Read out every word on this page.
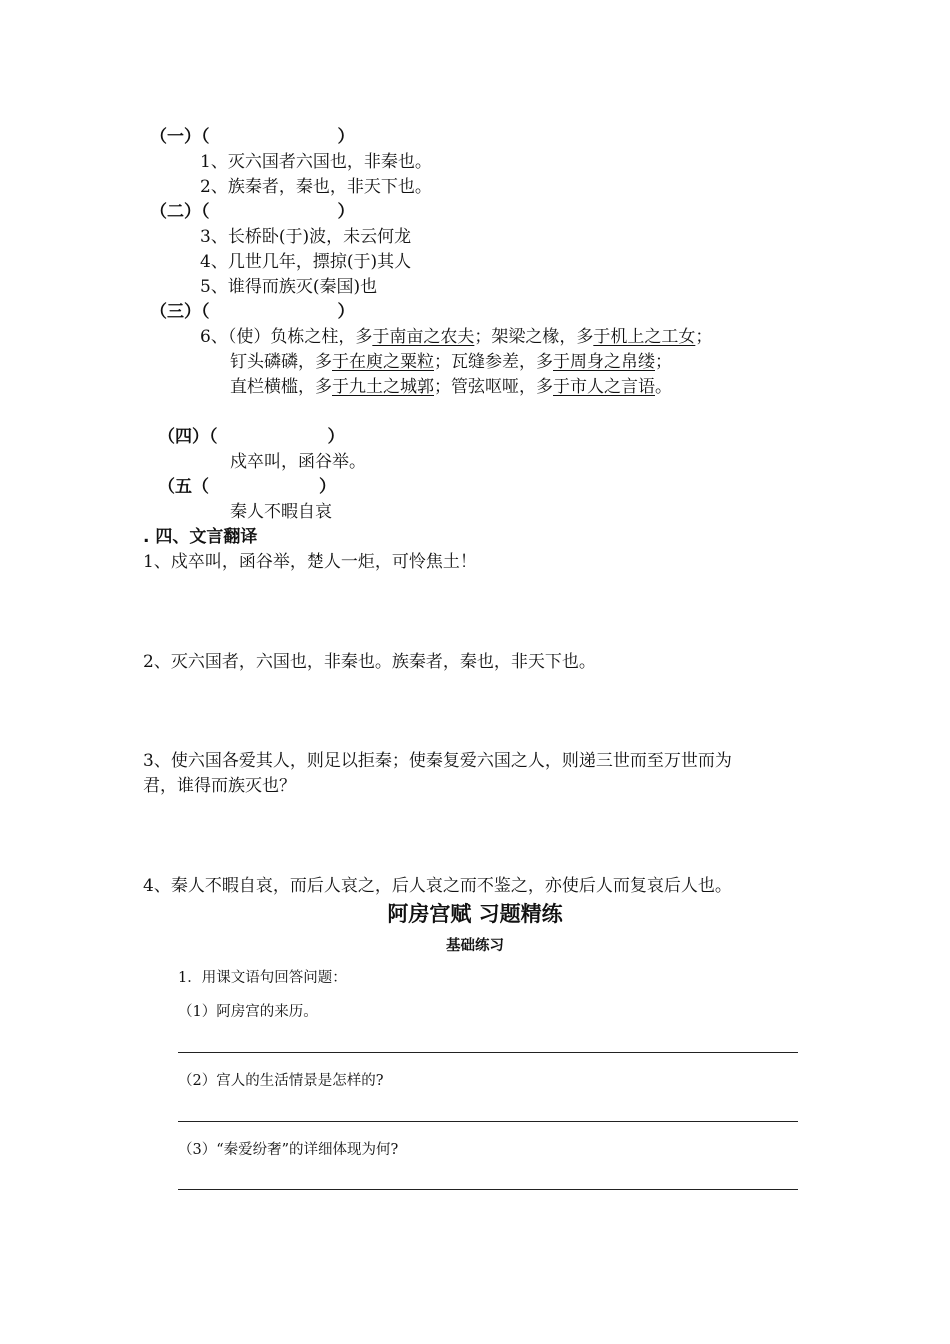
（一）（	）
1、灭六国者六国也，非秦也。
2、族秦者，秦也，非天下也。
（二）（	）
3、长桥卧(于)波，未云何龙
4、几世几年，摽掠(于)其人
5、谁得而族灭(秦国)也
（三）（	）
6、（使）负栋之柱，多于南亩之农夫；架梁之椽，多于机上之工女；
钉头磷磷，多于在庾之粟粒；瓦缝参差，多于周身之帛缕；
直栏横槛，多于九土之城郭；管弦呕哑，多于市人之言语。
（四）（	）
戍卒叫，函谷举。
（五（	）
秦人不暇自哀
. 四、文言翻译
1、戍卒叫，函谷举，楚人一炬，可怜焦土！
2、灭六国者，六国也，非秦也。族秦者，秦也，非天下也。
3、使六国各爱其人，则足以拒秦；使秦复爱六国之人，则递三世而至万世而为
君，谁得而族灭也？
4、秦人不暇自哀，而后人哀之，后人哀之而不鉴之，亦使后人而复哀后人也。
阿房宫赋 习题精练
基础练习
1．用课文语句回答问题：
（1）阿房宫的来历。
（2）宫人的生活情景是怎样的?
（3）“秦爱纷奢”的详细体现为何?
